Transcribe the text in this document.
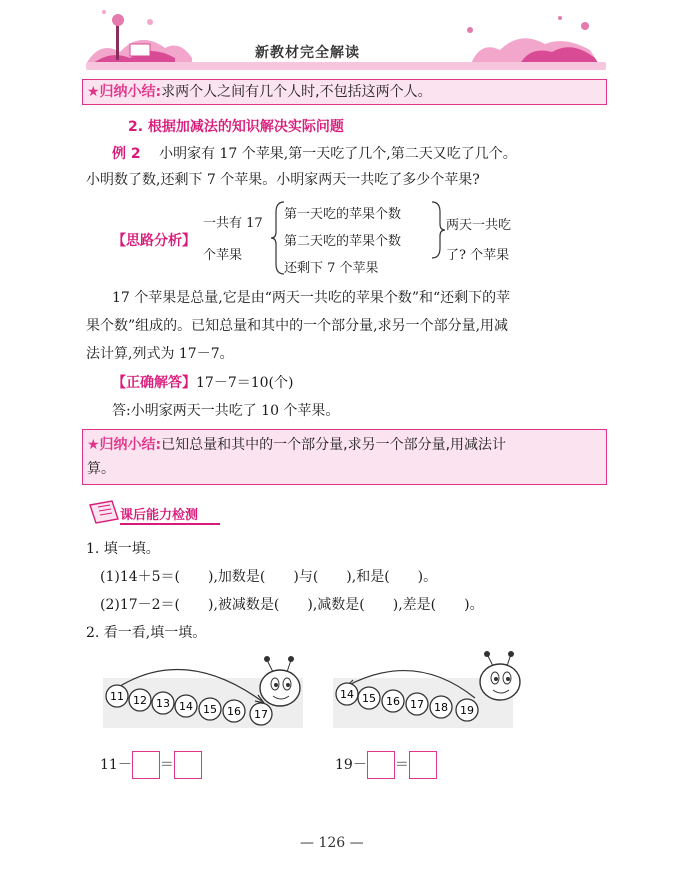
新教材完全解读
★归纳小结:求两个人之间有几个人时,不包括这两个人。
2. 根据加减法的知识解决实际问题
例 2 小明家有 17 个苹果,第一天吃了几个,第二天又吃了几个。
小明数了数,还剩下 7 个苹果。小明家两天一共吃了多少个苹果?
【思路分析】
一共有 17
个苹果
第一天吃的苹果个数
第二天吃的苹果个数
还剩下 7 个苹果
两天一共吃
了? 个苹果
17 个苹果是总量,它是由“两天一共吃的苹果个数”和“还剩下的苹
果个数”组成的。已知总量和其中的一个部分量,求另一个部分量,用减
法计算,列式为 17－7。
【正确解答】17－7＝10(个)
答:小明家两天一共吃了 10 个苹果。
★归纳小结:已知总量和其中的一个部分量,求另一个部分量,用减法计
算。
课后能力检测
1. 填一填。
(1)14＋5＝(　　),加数是(　　)与(　　),和是(　　)。
(2)17－2＝(　　),被减数是(　　),减数是(　　),差是(　　)。
2. 看一看,填一填。
11 12 13 14 15 16 17
14 15 16 17 18 19
11－ ＝	19－ ＝
— 126 —
